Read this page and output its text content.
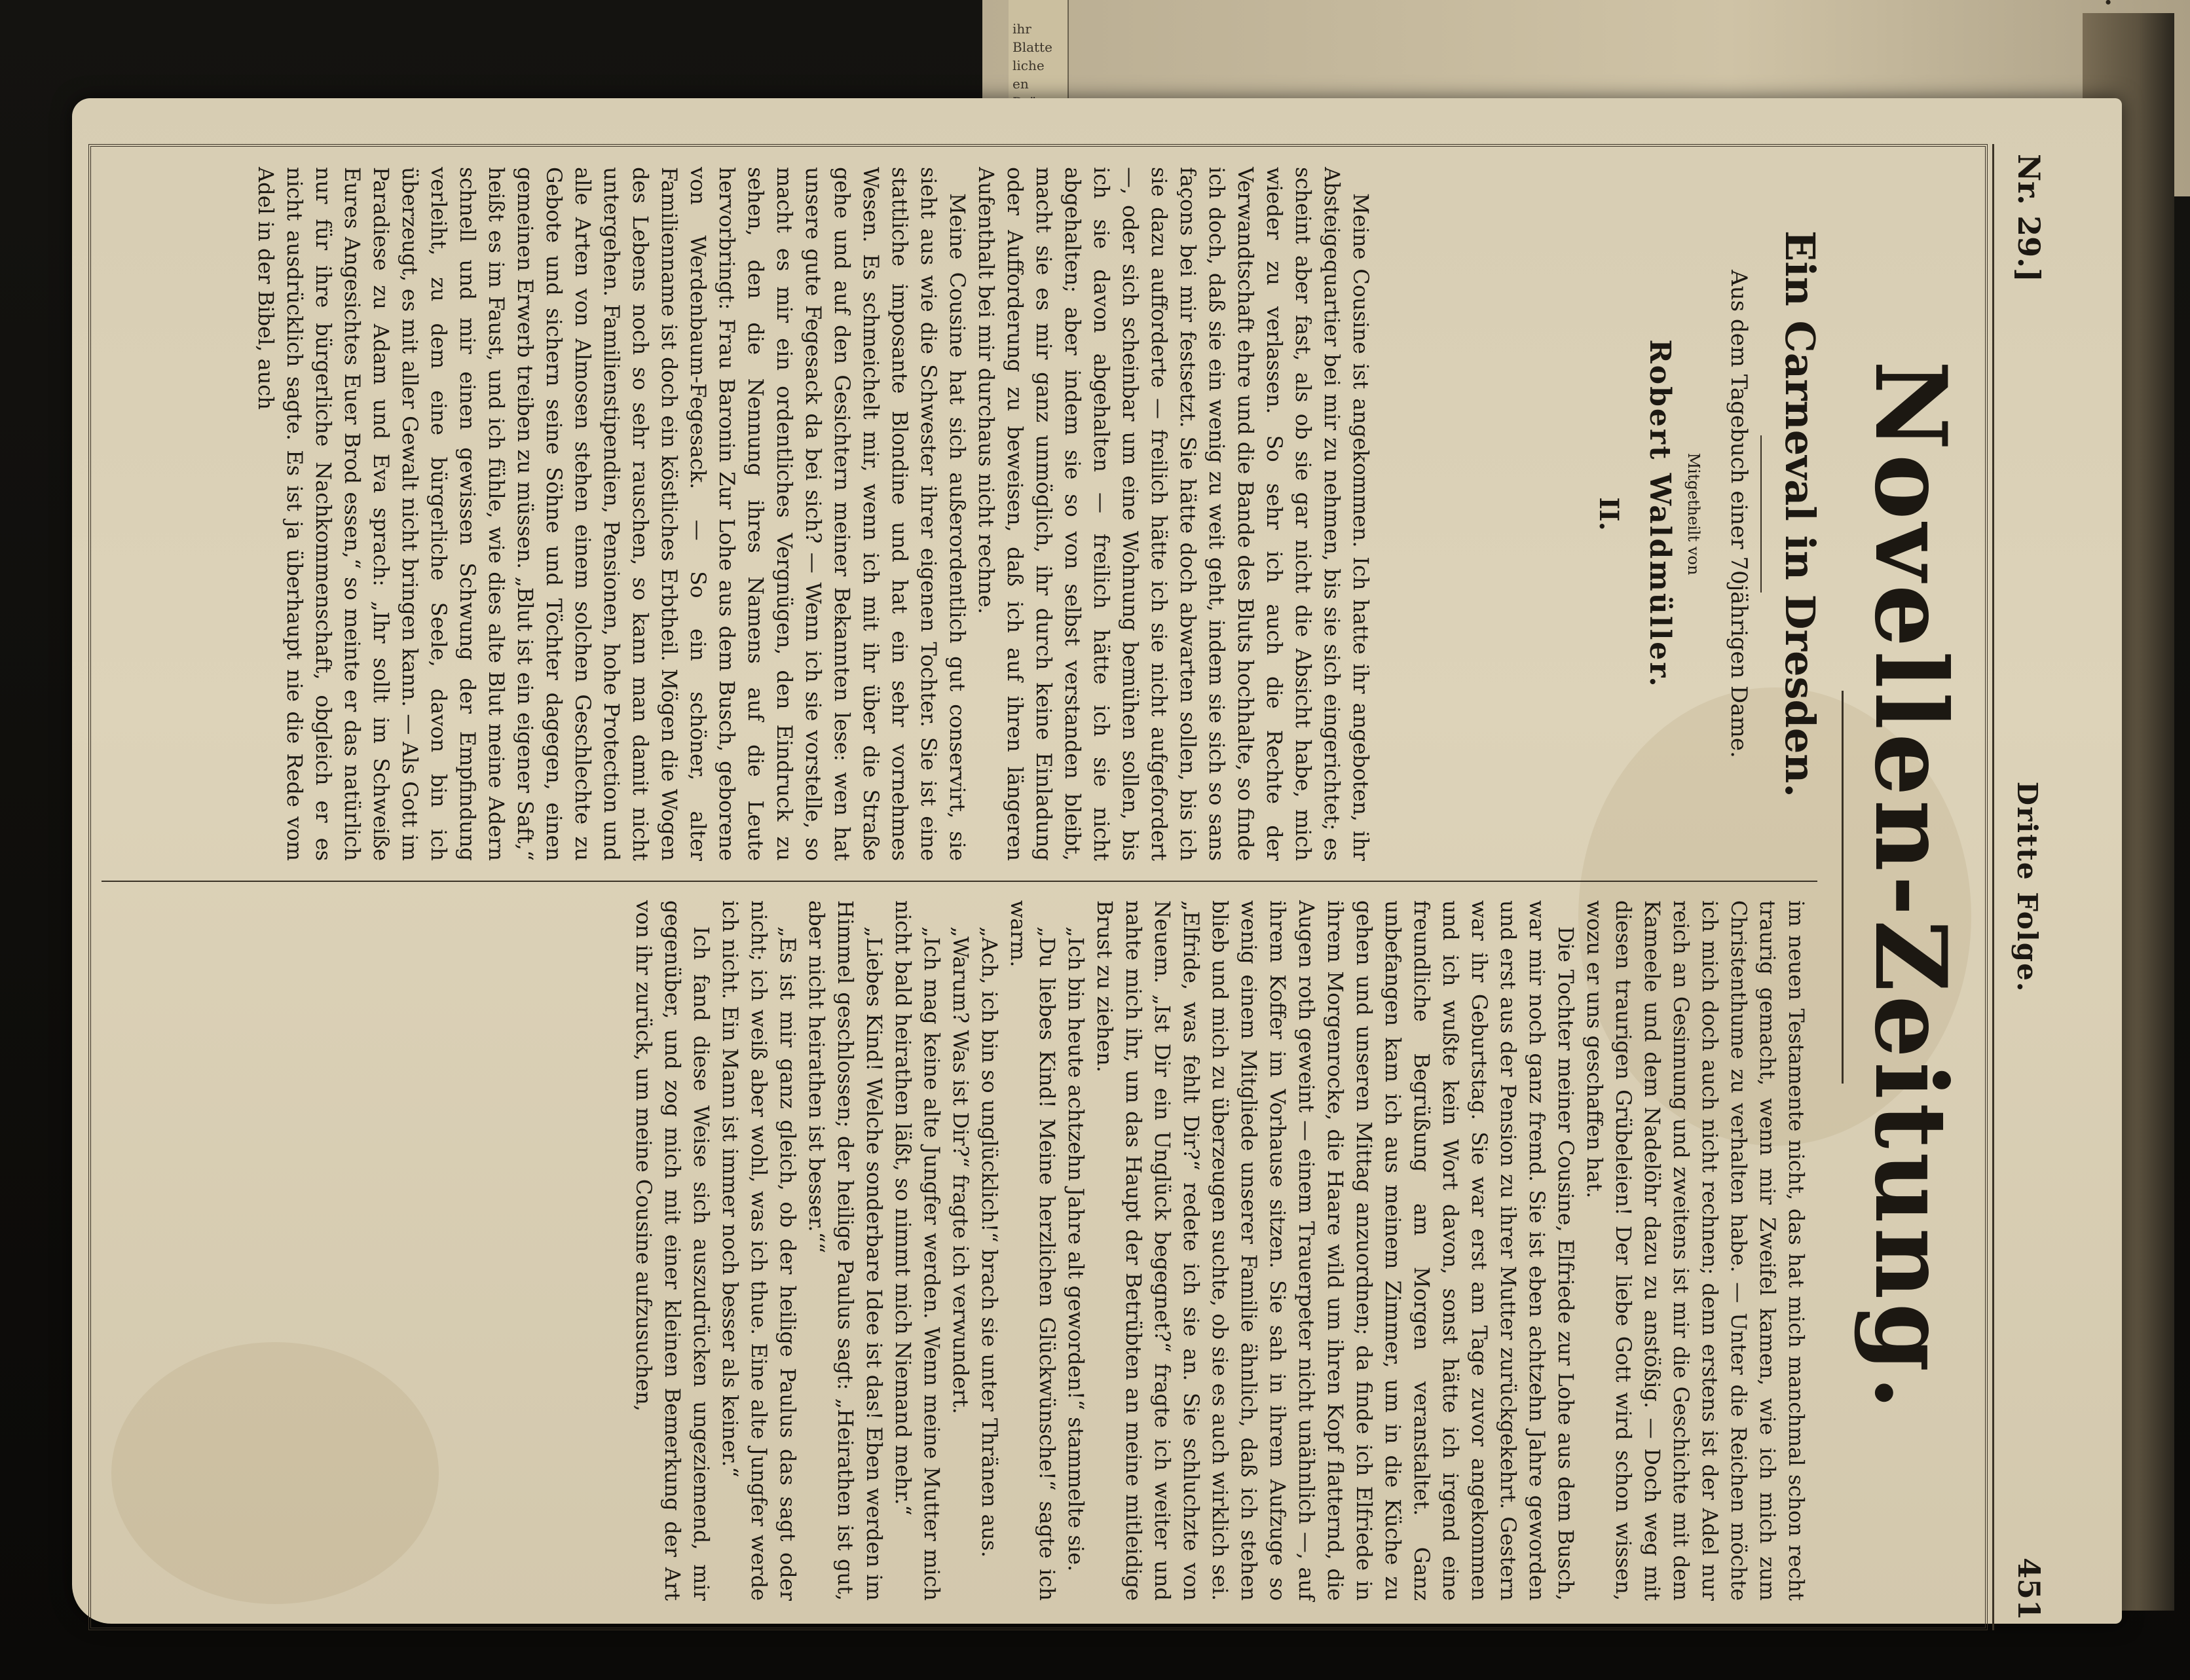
ihr Blatte
liche
en
Nr. 29.]
Dritte Folge.
451
Novellen-Zeitung.
Ein Carneval in Dresden.
Aus dem Tagebuch einer 70jährigen Dame.
Mitgetheilt von
Robert Waldmüller.
II.

Meine Cousine ist angekommen. Ich hatte ihr angeboten, ihr Absteigequartier bei mir zu nehmen, bis sie sich eingerichtet; es scheint aber fast, als ob sie gar nicht die Absicht habe, mich wieder zu verlassen. So sehr ich auch die Rechte der Verwandtschaft ehre und die Bande des Bluts hochhalte, so finde ich doch, daß sie ein wenig zu weit geht, indem sie sich so sans façons bei mir festsetzt. Sie hätte doch abwarten sollen, bis ich sie dazu aufforderte — freilich hätte ich sie nicht aufgefordert —, oder sich scheinbar um eine Wohnung bemühen sollen, bis ich sie davon abgehalten — freilich hätte ich sie nicht abgehalten; aber indem sie so von selbst verstanden bleibt, macht sie es mir ganz unmöglich, ihr durch keine Einladung oder Aufforderung zu beweisen, daß ich auf ihren längeren Aufenthalt bei mir durchaus nicht rechne.

Meine Cousine hat sich außerordentlich gut conservirt, sie sieht aus wie die Schwester ihrer eigenen Tochter. Sie ist eine stattliche imposante Blondine und hat ein sehr vornehmes Wesen. Es schmeichelt mir, wenn ich mit ihr über die Straße gehe und auf den Gesichtern meiner Bekannten lese: wen hat unsere gute Fegesack da bei sich? — Wenn ich sie vorstelle, so macht es mir ein ordentliches Vergnügen, den Eindruck zu sehen, den die Nennung ihres Namens auf die Leute hervorbringt: Frau Baronin Zur Lohe aus dem Busch, geborene von Werdenbaum-Fegesack. — So ein schöner, alter Familienname ist doch ein köstliches Erbtheil. Mögen die Wogen des Lebens noch so sehr rauschen, so kann man damit nicht untergehen. Familienstipendien, Pensionen, hohe Protection und alle Arten von Almosen stehen einem solchen Geschlechte zu Gebote und sichern seine Söhne und Töchter dagegen, einen gemeinen Erwerb treiben zu müssen. „Blut ist ein eigener Saft,“ heißt es im Faust, und ich fühle, wie dies alte Blut meine Adern schnell und mir einen gewissen Schwung der Empfindung verleiht, zu dem eine bürgerliche Seele, davon bin ich überzeugt, es mit aller Gewalt nicht bringen kann. — Als Gott im Paradiese zu Adam und Eva sprach: „Ihr sollt im Schweiße Eures Angesichtes Euer Brod essen,“ so meinte er das natürlich nur für ihre bürgerliche Nachkommenschaft, obgleich er es nicht ausdrücklich sagte. Es ist ja überhaupt nie die Rede vom Adel in der Bibel, auch

im neuen Testamente nicht, das hat mich manchmal schon recht traurig gemacht, wenn mir Zweifel kamen, wie ich mich zum Christenthume zu verhalten habe. — Unter die Reichen möchte ich mich doch auch nicht rechnen; denn erstens ist der Adel nur reich an Gesinnung und zweitens ist mir die Geschichte mit dem Kameele und dem Nadelöhr dazu zu anstößig. — Doch weg mit diesen traurigen Grübeleien! Der liebe Gott wird schon wissen, wozu er uns geschaffen hat.

Die Tochter meiner Cousine, Elfriede zur Lohe aus dem Busch, war mir noch ganz fremd. Sie ist eben achtzehn Jahre geworden und erst aus der Pension zu ihrer Mutter zurückgekehrt. Gestern war ihr Geburtstag. Sie war erst am Tage zuvor angekommen und ich wußte kein Wort davon, sonst hätte ich irgend eine freundliche Begrüßung am Morgen veranstaltet. Ganz unbefangen kam ich aus meinem Zimmer, um in die Küche zu gehen und unseren Mittag anzuordnen; da finde ich Elfriede in ihrem Morgenrocke, die Haare wild um ihren Kopf flatternd, die Augen roth geweint — einem Trauerpeter nicht unähnlich —, auf ihrem Koffer im Vorhause sitzen. Sie sah in ihrem Aufzuge so wenig einem Mitgliede unserer Familie ähnlich, daß ich stehen blieb und mich zu überzeugen suchte, ob sie es auch wirklich sei. „Elfride, was fehlt Dir?“ redete ich sie an. Sie schluchzte von Neuem. „Ist Dir ein Unglück begegnet?“ fragte ich weiter und nahte mich ihr, um das Haupt der Betrübten an meine mitleidige Brust zu ziehen.

„Ich bin heute achtzehn Jahre alt geworden!“ stammelte sie.

„Du liebes Kind! Meine herzlichen Glückwünsche!“ sagte ich warm.

„Ach, ich bin so unglücklich!“ brach sie unter Thränen aus.

„Warum? Was ist Dir?“ fragte ich verwundert.

„Ich mag keine alte Jungfer werden. Wenn meine Mutter mich nicht bald heirathen läßt, so nimmt mich Niemand mehr.“

„Liebes Kind! Welche sonderbare Idee ist das! Eben werden im Himmel geschlossen; der heilige Paulus sagt: „Heirathen ist gut, aber nicht heirathen ist besser.““

„Es ist mir ganz gleich, ob der heilige Paulus das sagt oder nicht; ich weiß aber wohl, was ich thue. Eine alte Jungfer werde ich nicht. Ein Mann ist immer noch besser als keiner.“

Ich fand diese Weise sich auszudrücken ungeziemend, mir gegenüber, und zog mich mit einer kleinen Bemerkung der Art von ihr zurück, um meine Cousine aufzusuchen,
